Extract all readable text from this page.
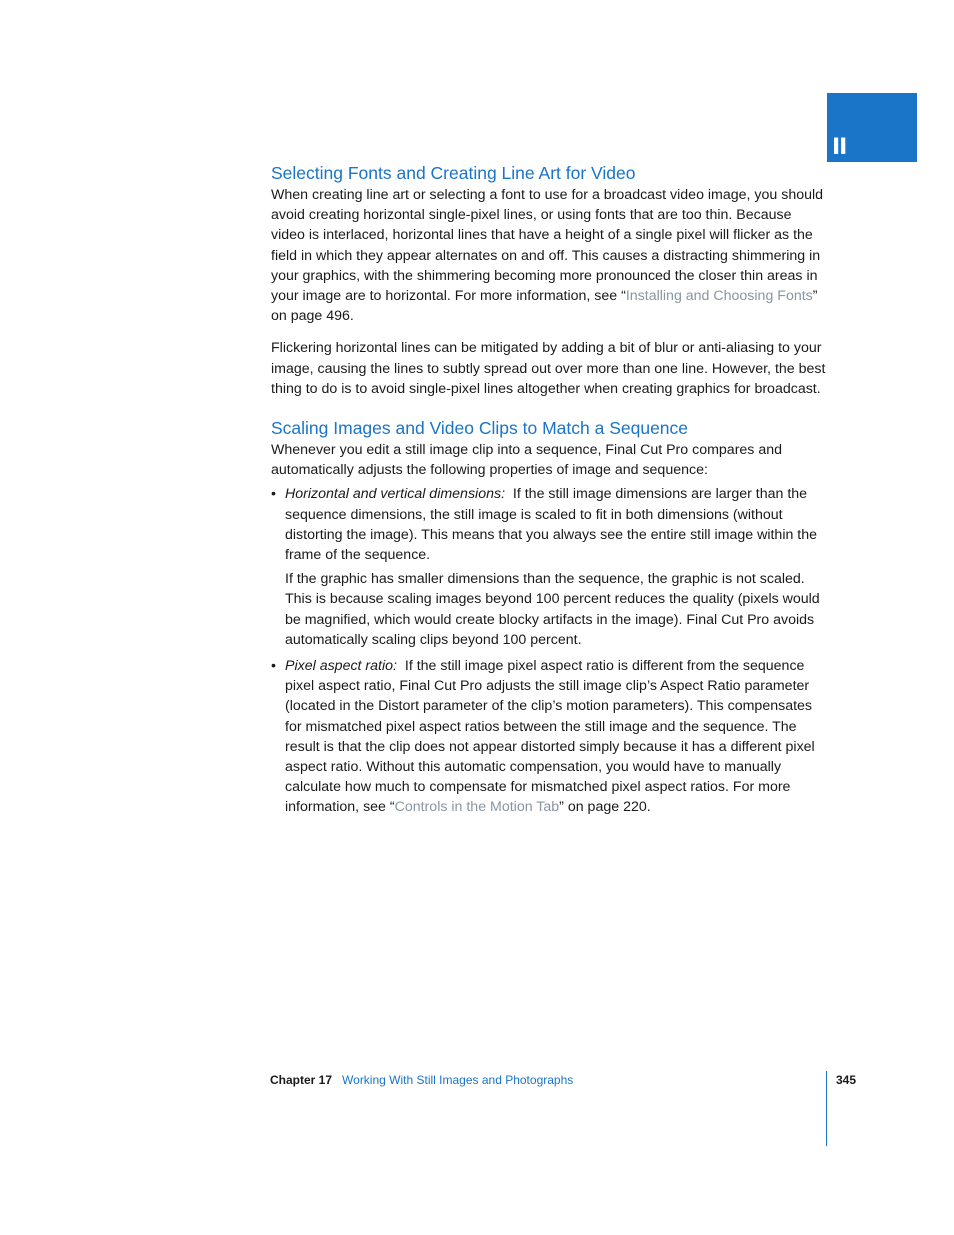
II
Selecting Fonts and Creating Line Art for Video

When creating line art or selecting a font to use for a broadcast video image, you should avoid creating horizontal single-pixel lines, or using fonts that are too thin. Because video is interlaced, horizontal lines that have a height of a single pixel will flicker as the field in which they appear alternates on and off. This causes a distracting shimmering in your graphics, with the shimmering becoming more pronounced the closer thin areas in your image are to horizontal. For more information, see “Installing and Choosing Fonts” on page 496.

Flickering horizontal lines can be mitigated by adding a bit of blur or anti-aliasing to your image, causing the lines to subtly spread out over more than one line. However, the best thing to do is to avoid single-pixel lines altogether when creating graphics for broadcast.

Scaling Images and Video Clips to Match a Sequence

Whenever you edit a still image clip into a sequence, Final Cut Pro compares and automatically adjusts the following properties of image and sequence:

• Horizontal and vertical dimensions: If the still image dimensions are larger than the sequence dimensions, the still image is scaled to fit in both dimensions (without distorting the image). This means that you always see the entire still image within the frame of the sequence.

If the graphic has smaller dimensions than the sequence, the graphic is not scaled. This is because scaling images beyond 100 percent reduces the quality (pixels would be magnified, which would create blocky artifacts in the image). Final Cut Pro avoids automatically scaling clips beyond 100 percent.

• Pixel aspect ratio: If the still image pixel aspect ratio is different from the sequence pixel aspect ratio, Final Cut Pro adjusts the still image clip’s Aspect Ratio parameter (located in the Distort parameter of the clip’s motion parameters). This compensates for mismatched pixel aspect ratios between the still image and the sequence. The result is that the clip does not appear distorted simply because it has a different pixel aspect ratio. Without this automatic compensation, you would have to manually calculate how much to compensate for mismatched pixel aspect ratios. For more information, see “Controls in the Motion Tab” on page 220.

Chapter 17 Working With Still Images and Photographs	345
